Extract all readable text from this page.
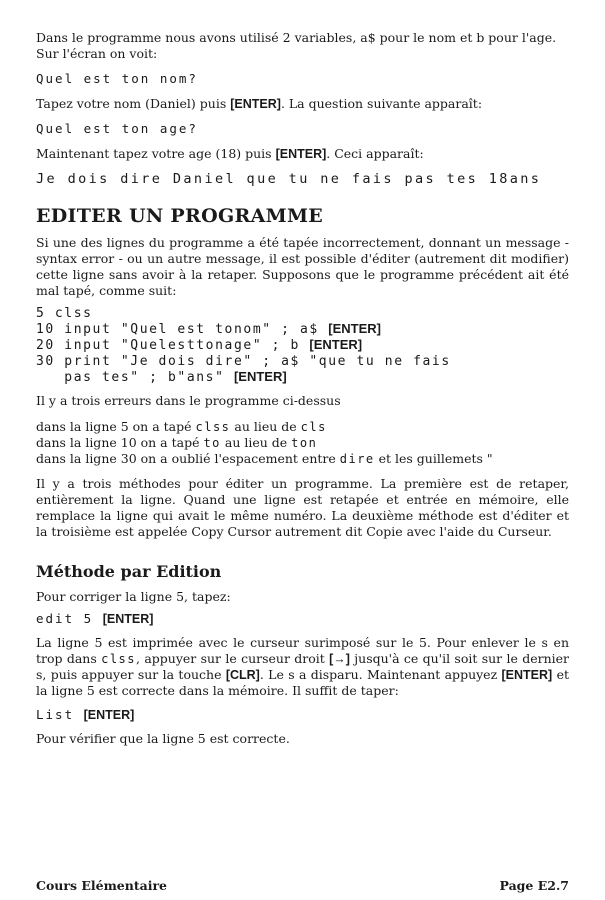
Dans le programme nous avons utilisé 2 variables, a$ pour le nom et b pour l'age.

Sur l'écran on voit:

Quel est ton nom?

Tapez votre nom (Daniel) puis [ENTER]. La question suivante apparaît:

Quel est ton age?

Maintenant tapez votre age (18) puis [ENTER]. Ceci apparaît:

Je dois dire Daniel que tu ne fais pas tes 18ans
EDITER UN PROGRAMME

Si une des lignes du programme a été tapée incorrectement, donnant un message -syntax error - ou un autre message, il est possible d'éditer (autrement dit modifier) cette ligne sans avoir à la retaper. Supposons que le programme précédent ait été mal tapé, comme suit:

5 clss
10 input "Quel est tonom" ; a$ [ENTER]
20 input "Quelesttonage" ; b [ENTER]
30 print "Je dois dire" ; a$ "que tu ne fais
pas tes" ; b"ans" [ENTER]

Il y a trois erreurs dans le programme ci-dessus

dans la ligne 5 on a tapé clss au lieu de cls

dans la ligne 10 on a tapé to au lieu de ton

dans la ligne 30 on a oublié l'espacement entre dire et les guillemets "

Il y a trois méthodes pour éditer un programme. La première est de retaper, entièrement la ligne. Quand une ligne est retapée et entrée en mémoire, elle remplace la ligne qui avait le même numéro. La deuxième méthode est d'éditer et la troisième est appelée Copy Cursor autrement dit Copie avec l'aide du Curseur.

Méthode par Edition

Pour corriger la ligne 5, tapez:

edit 5 [ENTER]

La ligne 5 est imprimée avec le curseur surimposé sur le 5. Pour enlever le s en trop dans clss, appuyer sur le curseur droit [→] jusqu'à ce qu'il soit sur le dernier s, puis appuyer sur la touche [CLR]. Le s a disparu. Maintenant appuyez [ENTER] et la ligne 5 est correcte dans la mémoire. Il suffit de taper:

List [ENTER]

Pour vérifier que la ligne 5 est correcte.

Cours Elémentaire	Page E2.7
